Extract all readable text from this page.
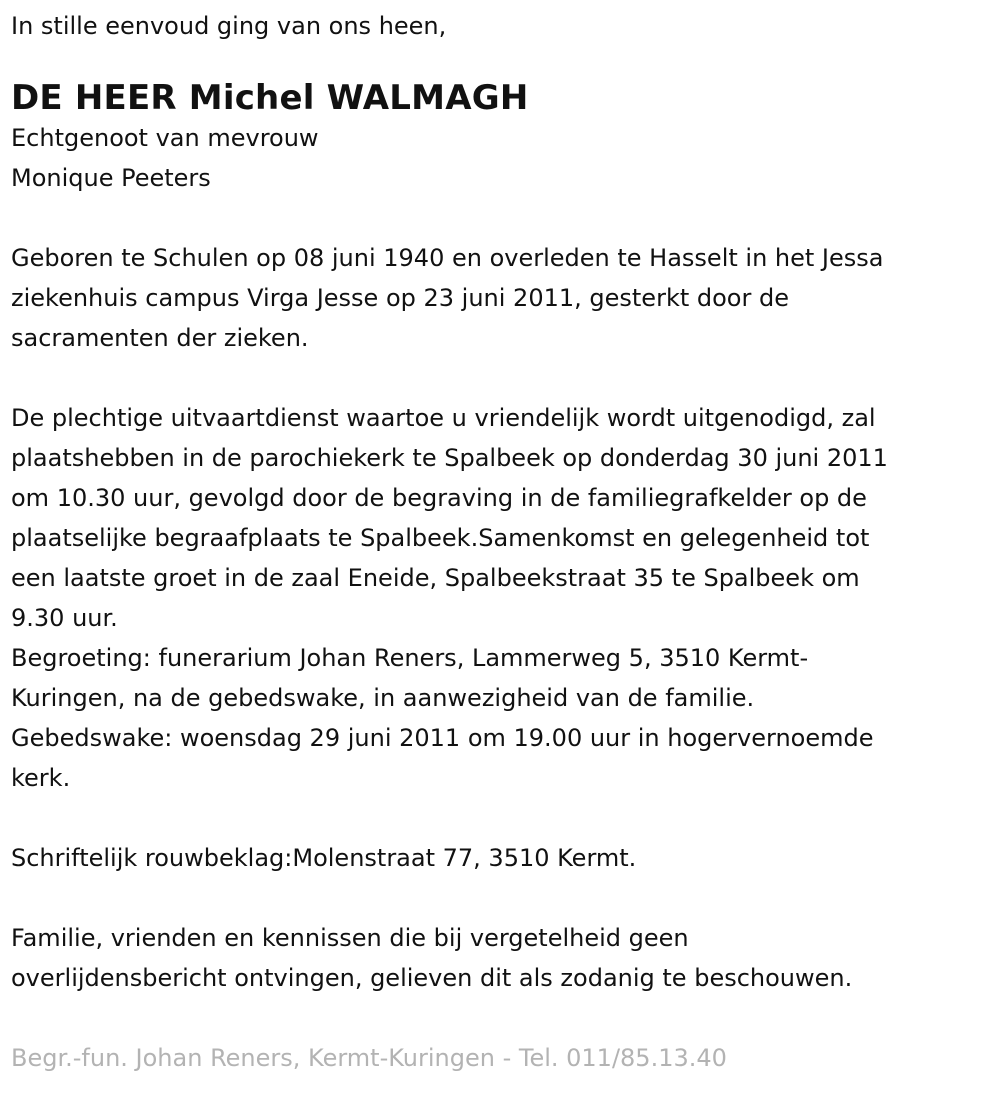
In stille eenvoud ging van ons heen,

DE HEER Michel WALMAGH

Echtgenoot van mevrouw

Monique Peeters

Geboren te Schulen op 08 juni 1940 en overleden te Hasselt in het Jessa

ziekenhuis campus Virga Jesse op 23 juni 2011, gesterkt door de

sacramenten der zieken.

De plechtige uitvaartdienst waartoe u vriendelijk wordt uitgenodigd, zal

plaatshebben in de parochiekerk te Spalbeek op donderdag 30 juni 2011

om 10.30 uur, gevolgd door de begraving in de familiegrafkelder op de

plaatselijke begraafplaats te Spalbeek.Samenkomst en gelegenheid tot

een laatste groet in de zaal Eneide, Spalbeekstraat 35 te Spalbeek om

9.30 uur.

Begroeting: funerarium Johan Reners, Lammerweg 5, 3510 Kermt-

Kuringen, na de gebedswake, in aanwezigheid van de familie.

Gebedswake: woensdag 29 juni 2011 om 19.00 uur in hogervernoemde

kerk.

Schriftelijk rouwbeklag:Molenstraat 77, 3510 Kermt.

Familie, vrienden en kennissen die bij vergetelheid geen

overlijdensbericht ontvingen, gelieven dit als zodanig te beschouwen.

Begr.-fun. Johan Reners, Kermt-Kuringen - Tel. 011/85.13.40
